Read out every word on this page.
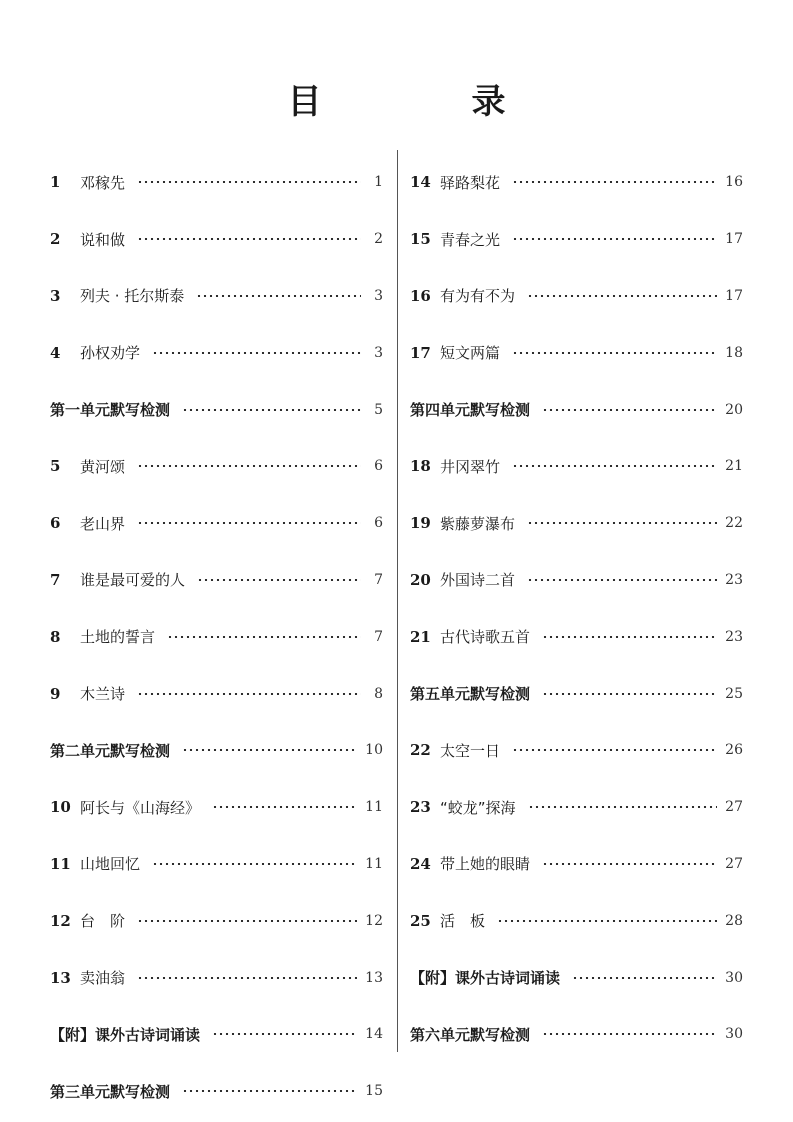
目　录
1	邓稼先	1
2	说和做	2
3	列夫 · 托尔斯泰	3
4	孙权劝学	3
第一单元默写检测	5
5	黄河颂	6
6	老山界	6
7	谁是最可爱的人	7
8	土地的誓言	7
9	木兰诗	8
第二单元默写检测	10
10 阿长与《山海经》	11
11 山地回忆	11
12 台　阶	12
13 卖油翁	13
【附】课外古诗词诵读	14
第三单元默写检测	15
14 驿路梨花	16
15 青春之光	17
16 有为有不为	17
17 短文两篇	18
第四单元默写检测	20
18 井冈翠竹	21
19 紫藤萝瀑布	22
20 外国诗二首	23
21 古代诗歌五首	23
第五单元默写检测	25
22 太空一日	26
23 “蛟龙”探海	27
24 带上她的眼睛	27
25 活　板	28
【附】课外古诗词诵读	30
第六单元默写检测	30
